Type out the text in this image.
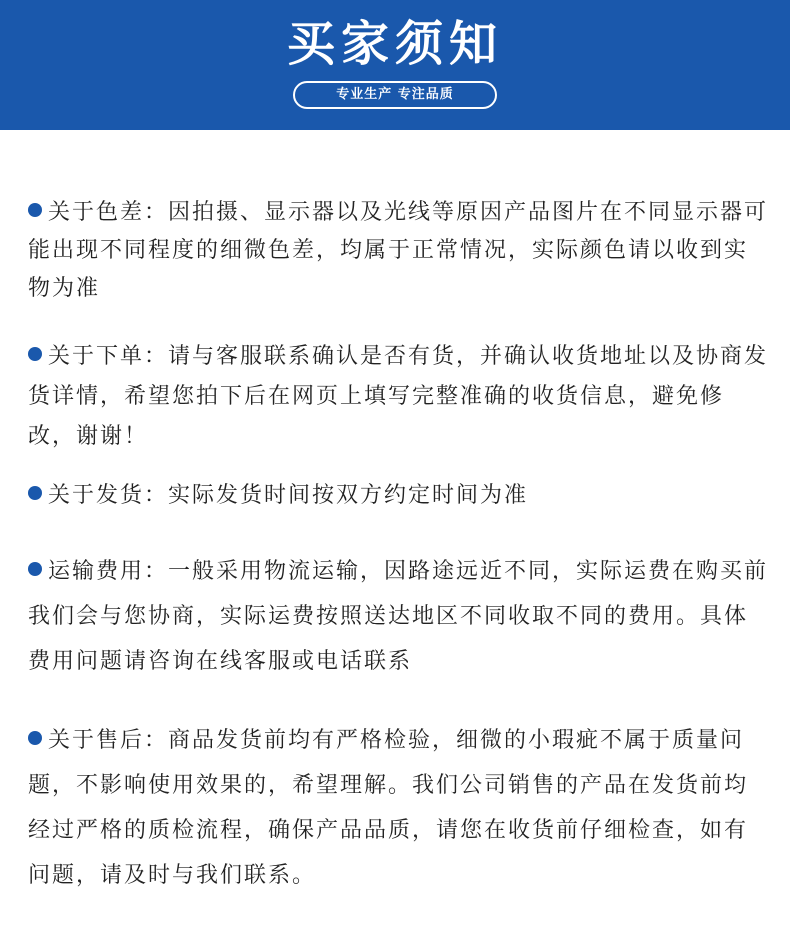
买家须知
专业生产 专注品质
关于色差：因拍摄、显示器以及光线等原因产品图片在不同显示器可能出现不同程度的细微色差，均属于正常情况，实际颜色请以收到实物为准
关于下单：请与客服联系确认是否有货，并确认收货地址以及协商发货详情，希望您拍下后在网页上填写完整准确的收货信息，避免修改，谢谢！
关于发货：实际发货时间按双方约定时间为准
运输费用：一般采用物流运输，因路途远近不同，实际运费在购买前我们会与您协商，实际运费按照送达地区不同收取不同的费用。具体费用问题请咨询在线客服或电话联系
关于售后：商品发货前均有严格检验，细微的小瑕疵不属于质量问题，不影响使用效果的，希望理解。我们公司销售的产品在发货前均经过严格的质检流程，确保产品品质，请您在收货前仔细检查，如有问题，请及时与我们联系。
